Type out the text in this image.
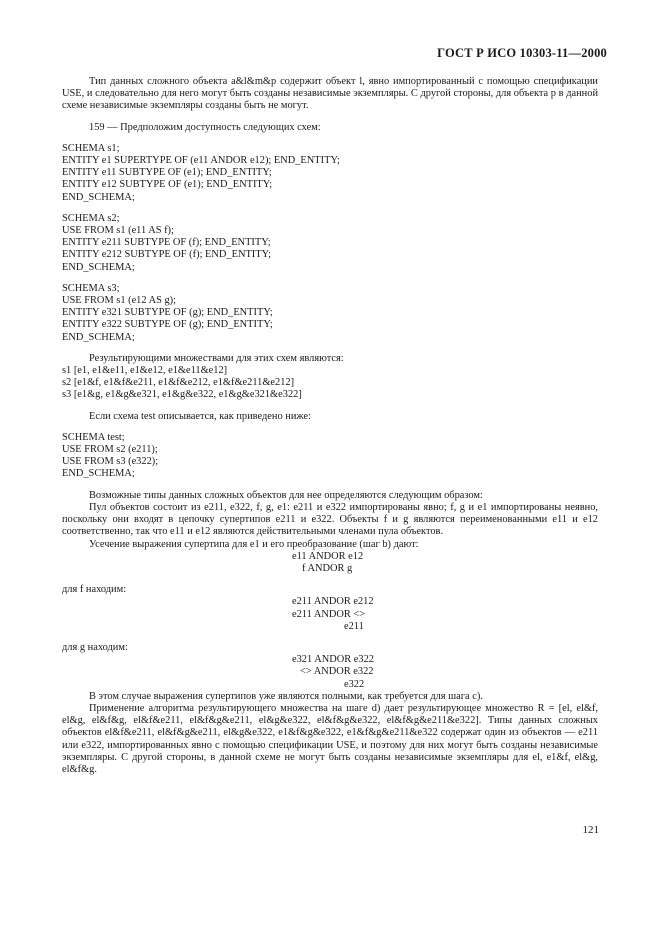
ГОСТ Р ИСО 10303-11—2000

Тип данных сложного объекта a&l&m&p содержит объект l, явно импортированный с помощью спецификации USE, и следовательно для него могут быть созданы независимые экземпляры. С другой стороны, для объекта p в данной схеме независимые экземпляры созданы быть не могут.

159 — Предположим доступность следующих схем:

SCHEMA s1;
ENTITY e1 SUPERTYPE OF (e11 ANDOR e12); END_ENTITY;
ENTITY e11 SUBTYPE OF (e1); END_ENTITY;
ENTITY e12 SUBTYPE OF (e1); END_ENTITY;
END_SCHEMA;
SCHEMA s2;
USE FROM s1 (e11 AS f);
ENTITY e211 SUBTYPE OF (f); END_ENTITY;
ENTITY e212 SUBTYPE OF (f); END_ENTITY;
END_SCHEMA;
SCHEMA s3;
USE FROM s1 (e12 AS g);
ENTITY e321 SUBTYPE OF (g); END_ENTITY;
ENTITY e322 SUBTYPE OF (g); END_ENTITY;
END_SCHEMA;

Результирующими множествами для этих схем являются:

s1 [e1, e1&e11, e1&e12, e1&e11&e12]
s2 [e1&f, e1&f&e211, e1&f&e212, e1&f&e211&e212]
s3 [e1&g, e1&g&e321, e1&g&e322, e1&g&e321&e322]

Если схема test описывается, как приведено ниже:

SCHEMA test;
USE FROM s2 (e211);
USE FROM s3 (e322);
END_SCHEMA;

Возможные типы данных сложных объектов для нее определяются следующим образом:

Пул объектов состоит из e211, e322, f, g, e1: e211 и e322 импортированы явно; f, g и e1 импортированы неявно, поскольку они входят в цепочку супертипов e211 и e322. Объекты f и g являются переименованными e11 и e12 соответственно, так что e11 и e12 являются действительными членами пула объектов.

Усечение выражения супертипа для e1 и его преобразование (шаг b) дают:

e11 ANDOR e12
f ANDOR g

для f находим:

e211 ANDOR e212
e211 ANDOR <>
e211

для g находим:

e321 ANDOR e322
<> ANDOR e322
e322

В этом случае выражения супертипов уже являются полными, как требуется для шага с).

Применение алгоритма результирующего множества на шаге d) дает результирующее множество R = [el, el&f, el&g, el&f&g, el&f&e211, el&f&g&e211, el&g&e322, el&f&g&e322, el&f&g&e211&e322]. Типы данных сложных объектов el&f&e211, el&f&g&e211, el&g&e322, e1&f&g&e322, e1&f&g&e211&e322 содержат один из объектов — e211 или e322, импортированных явно с помощью спецификации USE, и поэтому для них могут быть созданы независимые экземпляры. С другой стороны, в данной схеме не могут быть созданы независимые экземпляры для el, e1&f, el&g, el&f&g.

121
